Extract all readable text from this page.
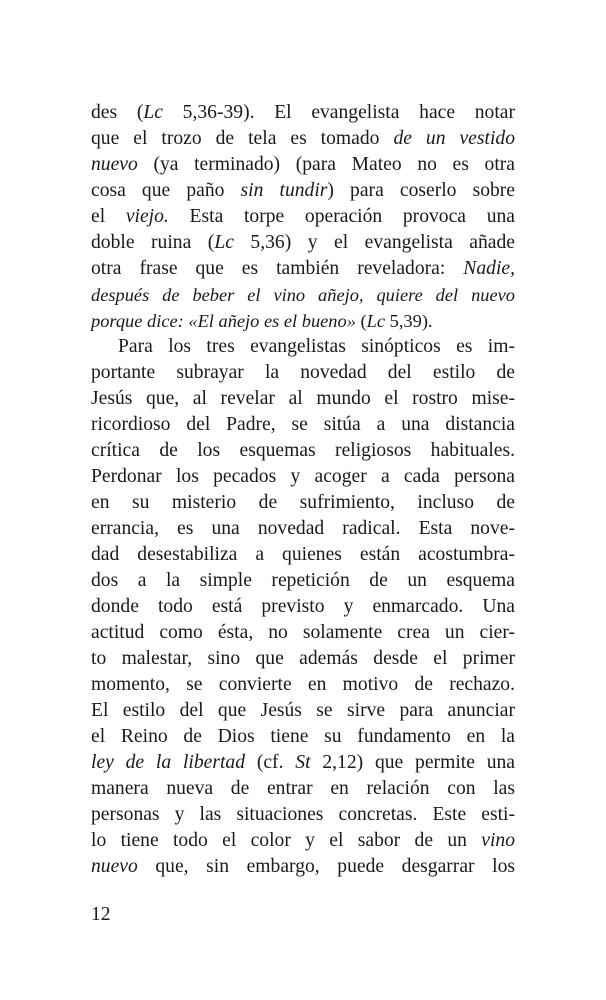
des (Lc 5,36-39). El evangelista hace notar
que el trozo de tela es tomado de un vestido
nuevo (ya terminado) (para Mateo no es otra
cosa que paño sin tundir) para coserlo sobre
el viejo. Esta torpe operación provoca una
doble ruina (Lc 5,36) y el evangelista añade
otra frase que es también reveladora: Nadie,
después de beber el vino añejo, quiere del nuevo
porque dice: «El añejo es el bueno» (Lc 5,39).
Para los tres evangelistas sinópticos es im-
portante subrayar la novedad del estilo de
Jesús que, al revelar al mundo el rostro mise-
ricordioso del Padre, se sitúa a una distancia
crítica de los esquemas religiosos habituales.
Perdonar los pecados y acoger a cada persona
en su misterio de sufrimiento, incluso de
errancia, es una novedad radical. Esta nove-
dad desestabiliza a quienes están acostumbra-
dos a la simple repetición de un esquema
donde todo está previsto y enmarcado. Una
actitud como ésta, no solamente crea un cier-
to malestar, sino que además desde el primer
momento, se convierte en motivo de rechazo.
El estilo del que Jesús se sirve para anunciar
el Reino de Dios tiene su fundamento en la
ley de la libertad (cf. St 2,12) que permite una
manera nueva de entrar en relación con las
personas y las situaciones concretas. Este esti-
lo tiene todo el color y el sabor de un vino
nuevo que, sin embargo, puede desgarrar los
12
